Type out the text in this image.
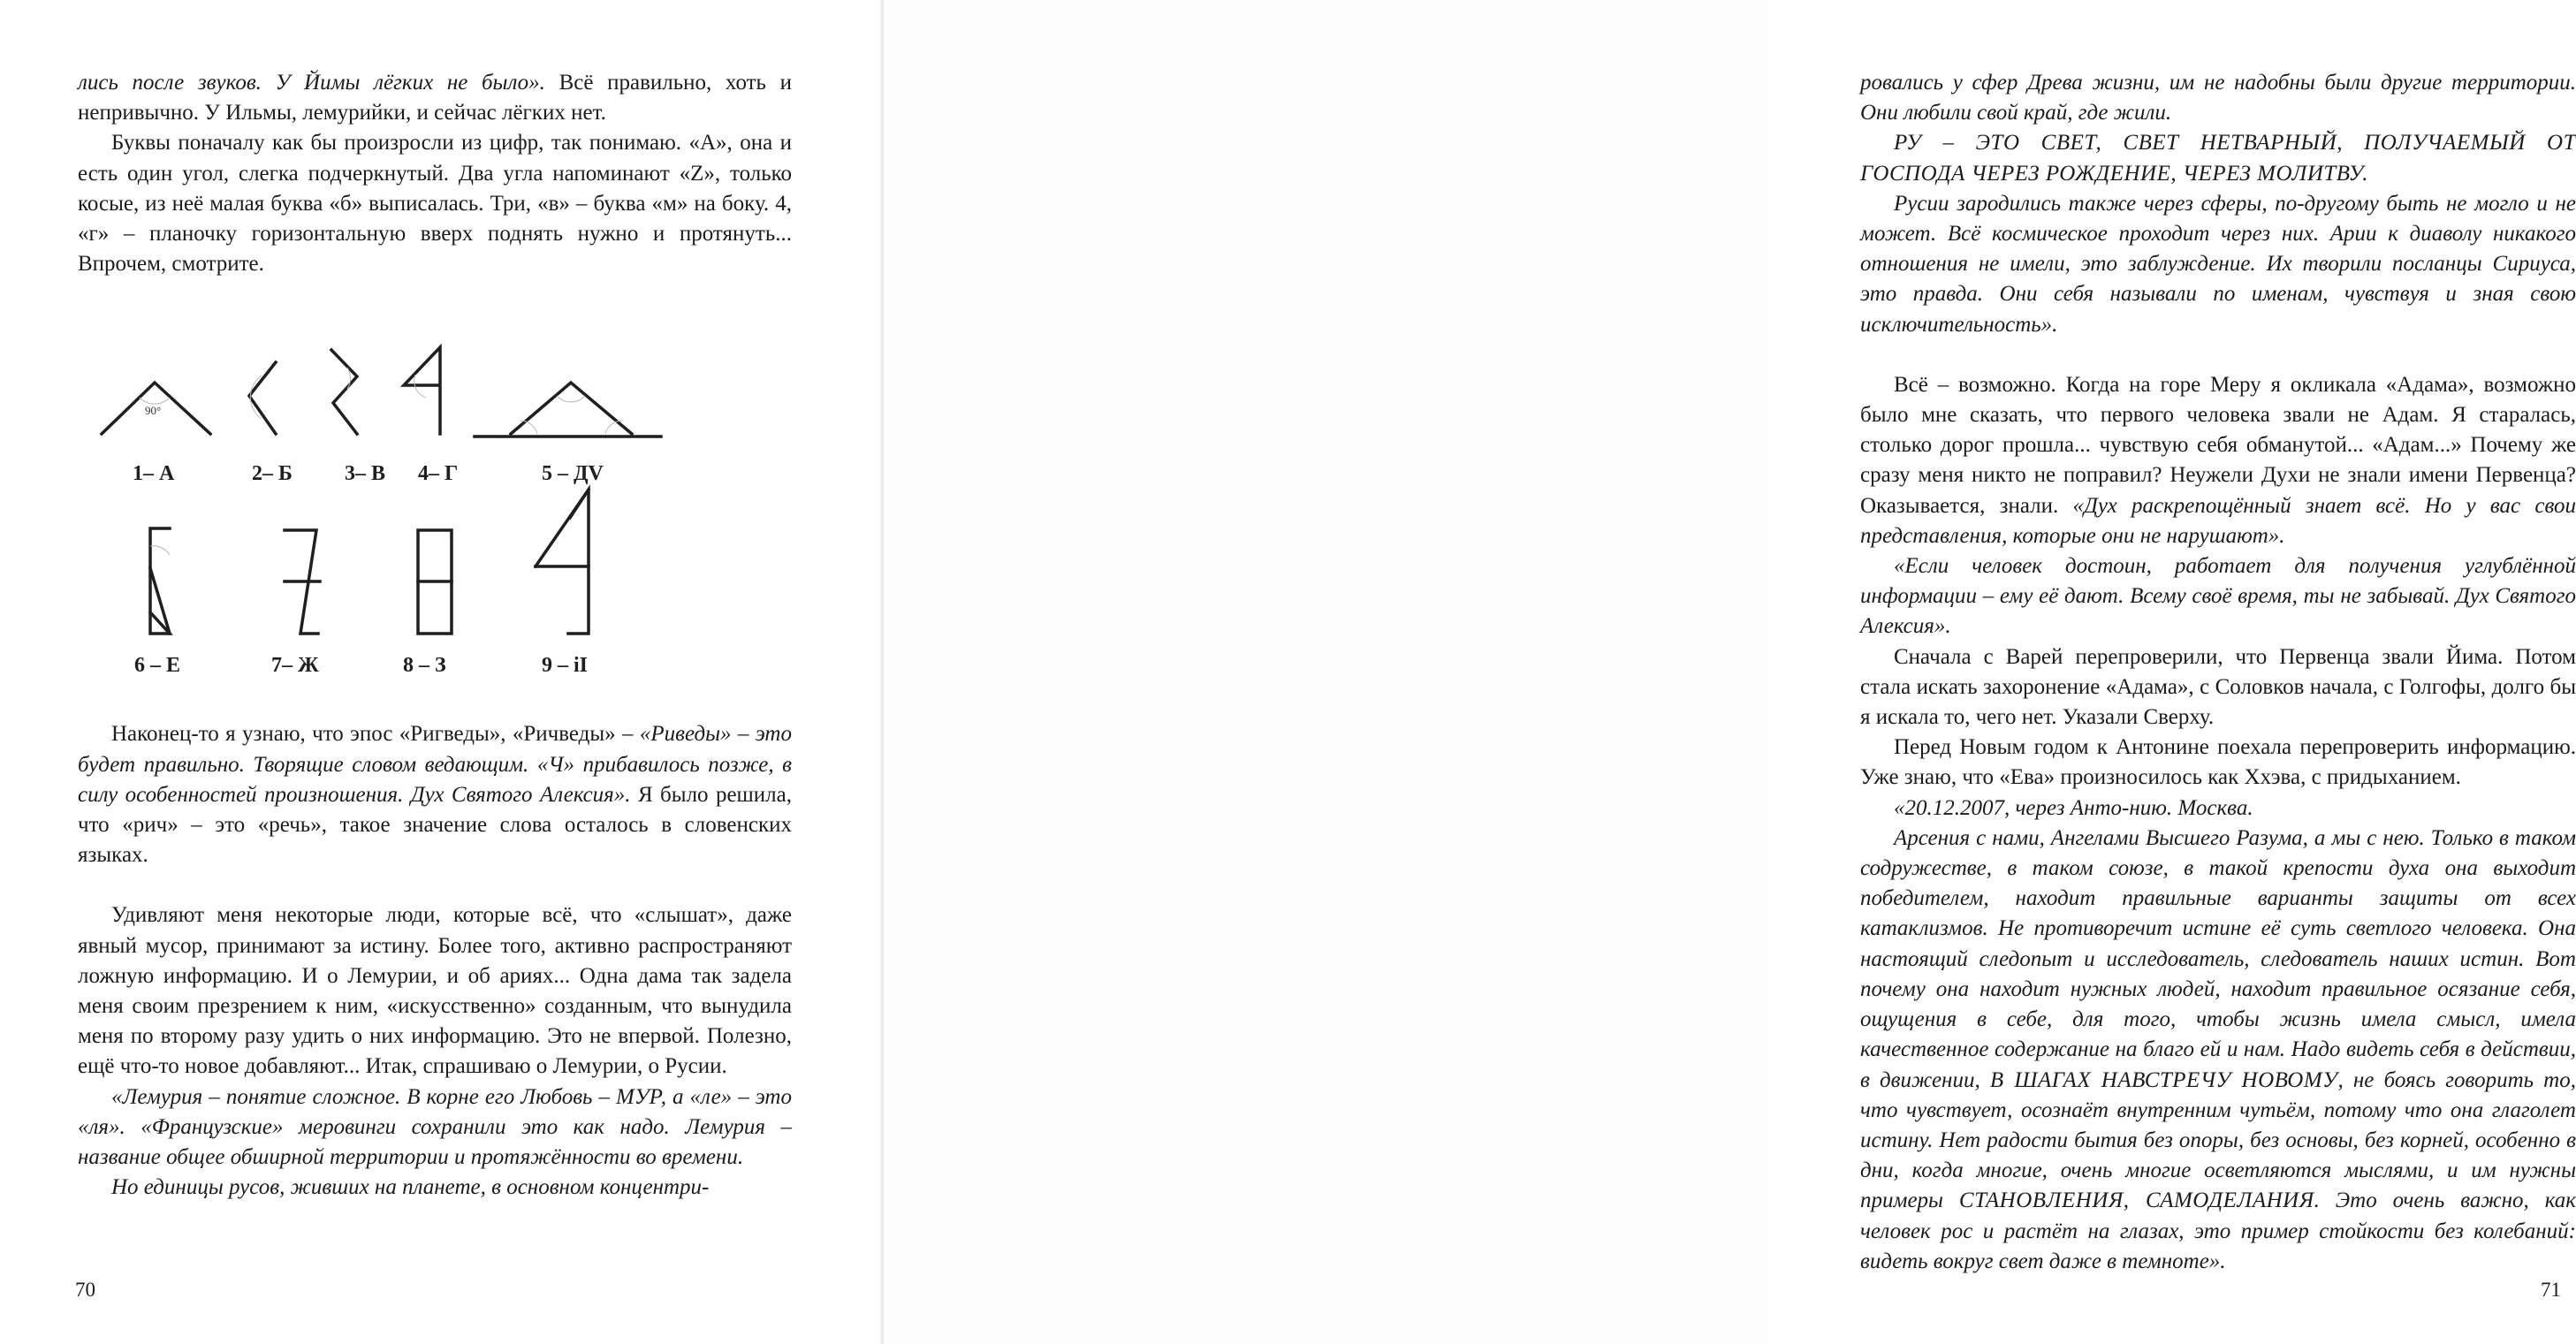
лись после звуков. У Йимы лёгких не было». Всё правильно, хоть и непривычно. У Ильмы, лемурийки, и сейчас лёгких нет.

Буквы поначалу как бы произросли из цифр, так понимаю. «А», она и есть один угол, слегка подчеркнутый. Два угла напоминают «Z», только косые, из неё малая буква «б» выписалась. Три, «в» – буква «м» на боку. 4, «г» – планочку горизонтальную вверх поднять нужно и протянуть... Впрочем, смотрите.

90°
1– А	2– Б 3– В 4– Г	5 – ДV
6 – Е	7– Ж	8 – З	9 – іІ

Наконец-то я узнаю, что эпос «Ригведы», «Ричведы» – «Риведы» – это будет правильно. Творящие словом ведающим. «Ч» прибавилось позже, в силу особенностей произношения. Дух Святого Алексия». Я было решила, что «рич» – это «речь», такое значение слова осталось в словенских языках.

Удивляют меня некоторые люди, которые всё, что «слышат», даже явный мусор, принимают за истину. Более того, активно распространяют ложную информацию. И о Лемурии, и об ариях... Одна дама так задела меня своим презрением к ним, «искусственно» созданным, что вынудила меня по второму разу удить о них информацию. Это не впервой. Полезно, ещё что-то новое добавляют... Итак, спрашиваю о Лемурии, о Русии.

«Лемурия – понятие сложное. В корне его Любовь – МУР, а «ле» – это «ля». «Французские» меровинги сохранили это как надо. Лемурия – название общее обширной территории и протяжённости во времени.

Но единицы русов, живших на планете, в основном концентри-

70

ровались у сфер Древа жизни, им не надобны были другие территории. Они любили свой край, где жили.

РУ – ЭТО СВЕТ, СВЕТ НЕТВАРНЫЙ, ПОЛУЧАЕМЫЙ ОТ ГОСПОДА ЧЕРЕЗ РОЖДЕНИЕ, ЧЕРЕЗ МОЛИТВУ.

Русии зародились также через сферы, по-другому быть не могло и не может. Всё космическое проходит через них. Арии к диаволу никакого отношения не имели, это заблуждение. Их творили посланцы Сириуса, это правда. Они себя называли по именам, чувствуя и зная свою исключительность».

Всё – возможно. Когда на горе Меру я окликала «Адама», возможно было мне сказать, что первого человека звали не Адам. Я старалась, столько дорог прошла... чувствую себя обманутой... «Адам...» Почему же сразу меня никто не поправил? Неужели Духи не знали имени Первенца? Оказывается, знали. «Дух раскрепощённый знает всё. Но у вас свои представления, которые они не нарушают».

«Если человек достоин, работает для получения углублённой информации – ему её дают. Всему своё время, ты не забывай. Дух Святого Алексия».

Сначала с Варей перепроверили, что Первенца звали Йима. Потом стала искать захоронение «Адама», с Соловков начала, с Голгофы, долго бы я искала то, чего нет. Указали Сверху.

Перед Новым годом к Антонине поехала перепроверить информацию. Уже знаю, что «Ева» произносилось как Ххэва, с придыханием.

«20.12.2007, через Анто-нию. Москва.

Арсения с нами, Ангелами Высшего Разума, а мы с нею. Только в таком содружестве, в таком союзе, в такой крепости духа она выходит победителем, находит правильные варианты защиты от всех катаклизмов. Не противоречит истине её суть светлого человека. Она настоящий следопыт и исследователь, следователь наших истин. Вот почему она находит нужных людей, находит правильное осязание себя, ощущения в себе, для того, чтобы жизнь имела смысл, имела качественное содержание на благо ей и нам. Надо видеть себя в действии, в движении, В ШАГАХ НАВСТРЕЧУ НОВОМУ, не боясь говорить то, что чувствует, осознаёт внутренним чутьём, потому что она глаголет истину. Нет радости бытия без опоры, без основы, без корней, особенно в дни, когда многие, очень многие осветляются мыслями, и им нужны примеры СТАНОВЛЕНИЯ, САМОДЕЛАНИЯ. Это очень важно, как человек рос и растёт на глазах, это пример стойкости без колебаний: видеть вокруг свет даже в темноте».

71
